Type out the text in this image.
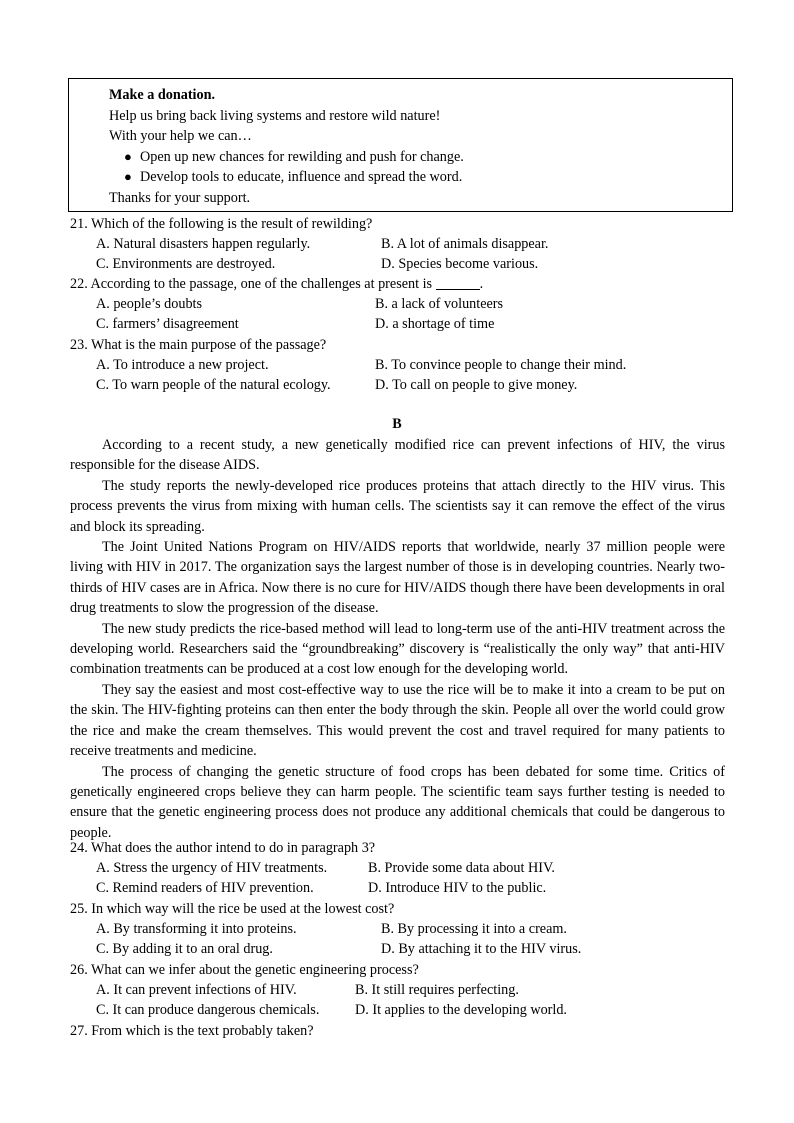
Make a donation.
Help us bring back living systems and restore wild nature!
With your help we can…
● Open up new chances for rewilding and push for change.
● Develop tools to educate, influence and spread the word.
Thanks for your support.
21. Which of the following is the result of rewilding?
A. Natural disasters happen regularly.	B. A lot of animals disappear.
C. Environments are destroyed.	D. Species become various.
22. According to the passage, one of the challenges at present is	.
A. people’s doubts	B. a lack of volunteers
C. farmers’ disagreement	D. a shortage of time
23. What is the main purpose of the passage?
A. To introduce a new project.	B. To convince people to change their mind.
C. To warn people of the natural ecology.	D. To call on people to give money.
B

According to a recent study, a new genetically modified rice can prevent infections of HIV, the virus responsible for the disease AIDS.

The study reports the newly-developed rice produces proteins that attach directly to the HIV virus. This process prevents the virus from mixing with human cells. The scientists say it can remove the effect of the virus and block its spreading.

The Joint United Nations Program on HIV/AIDS reports that worldwide, nearly 37 million people were living with HIV in 2017. The organization says the largest number of those is in developing countries. Nearly two-thirds of HIV cases are in Africa. Now there is no cure for HIV/AIDS though there have been developments in oral drug treatments to slow the progression of the disease.

The new study predicts the rice-based method will lead to long-term use of the anti-HIV treatment across the developing world. Researchers said the “groundbreaking” discovery is “realistically the only way” that anti-HIV combination treatments can be produced at a cost low enough for the developing world.

They say the easiest and most cost-effective way to use the rice will be to make it into a cream to be put on the skin. The HIV-fighting proteins can then enter the body through the skin. People all over the world could grow the rice and make the cream themselves. This would prevent the cost and travel required for many patients to receive treatments and medicine.

The process of changing the genetic structure of food crops has been debated for some time. Critics of genetically engineered crops believe they can harm people. The scientific team says further testing is needed to ensure that the genetic engineering process does not produce any additional chemicals that could be dangerous to people.

24. What does the author intend to do in paragraph 3?
A. Stress the urgency of HIV treatments.	B. Provide some data about HIV.
C. Remind readers of HIV prevention.	D. Introduce HIV to the public.
25. In which way will the rice be used at the lowest cost?
A. By transforming it into proteins.	B. By processing it into a cream.
C. By adding it to an oral drug.	D. By attaching it to the HIV virus.
26. What can we infer about the genetic engineering process?
A. It can prevent infections of HIV.	B. It still requires perfecting.
C. It can produce dangerous chemicals.	D. It applies to the developing world.
27. From which is the text probably taken?
